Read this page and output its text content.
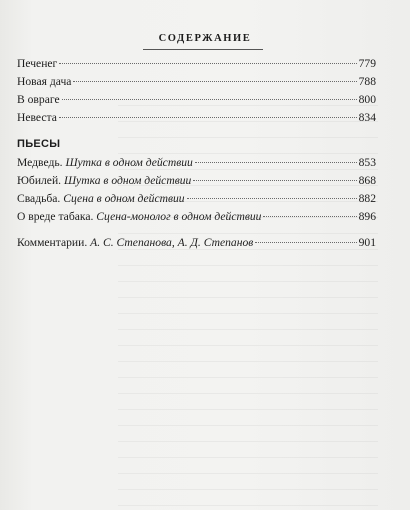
СОДЕРЖАНИЕ
Печенег	779
Новая дача	788
В овраге	800
Невеста	834
ПЬЕСЫ
Медведь. Шутка в одном действии	853
Юбилей. Шутка в одном действии	868
Свадьба. Сцена в одном действии	882
О вреде табака. Сцена-монолог в одном действии	896
Комментарии. А. С. Степанова, А. Д. Степанов	901
